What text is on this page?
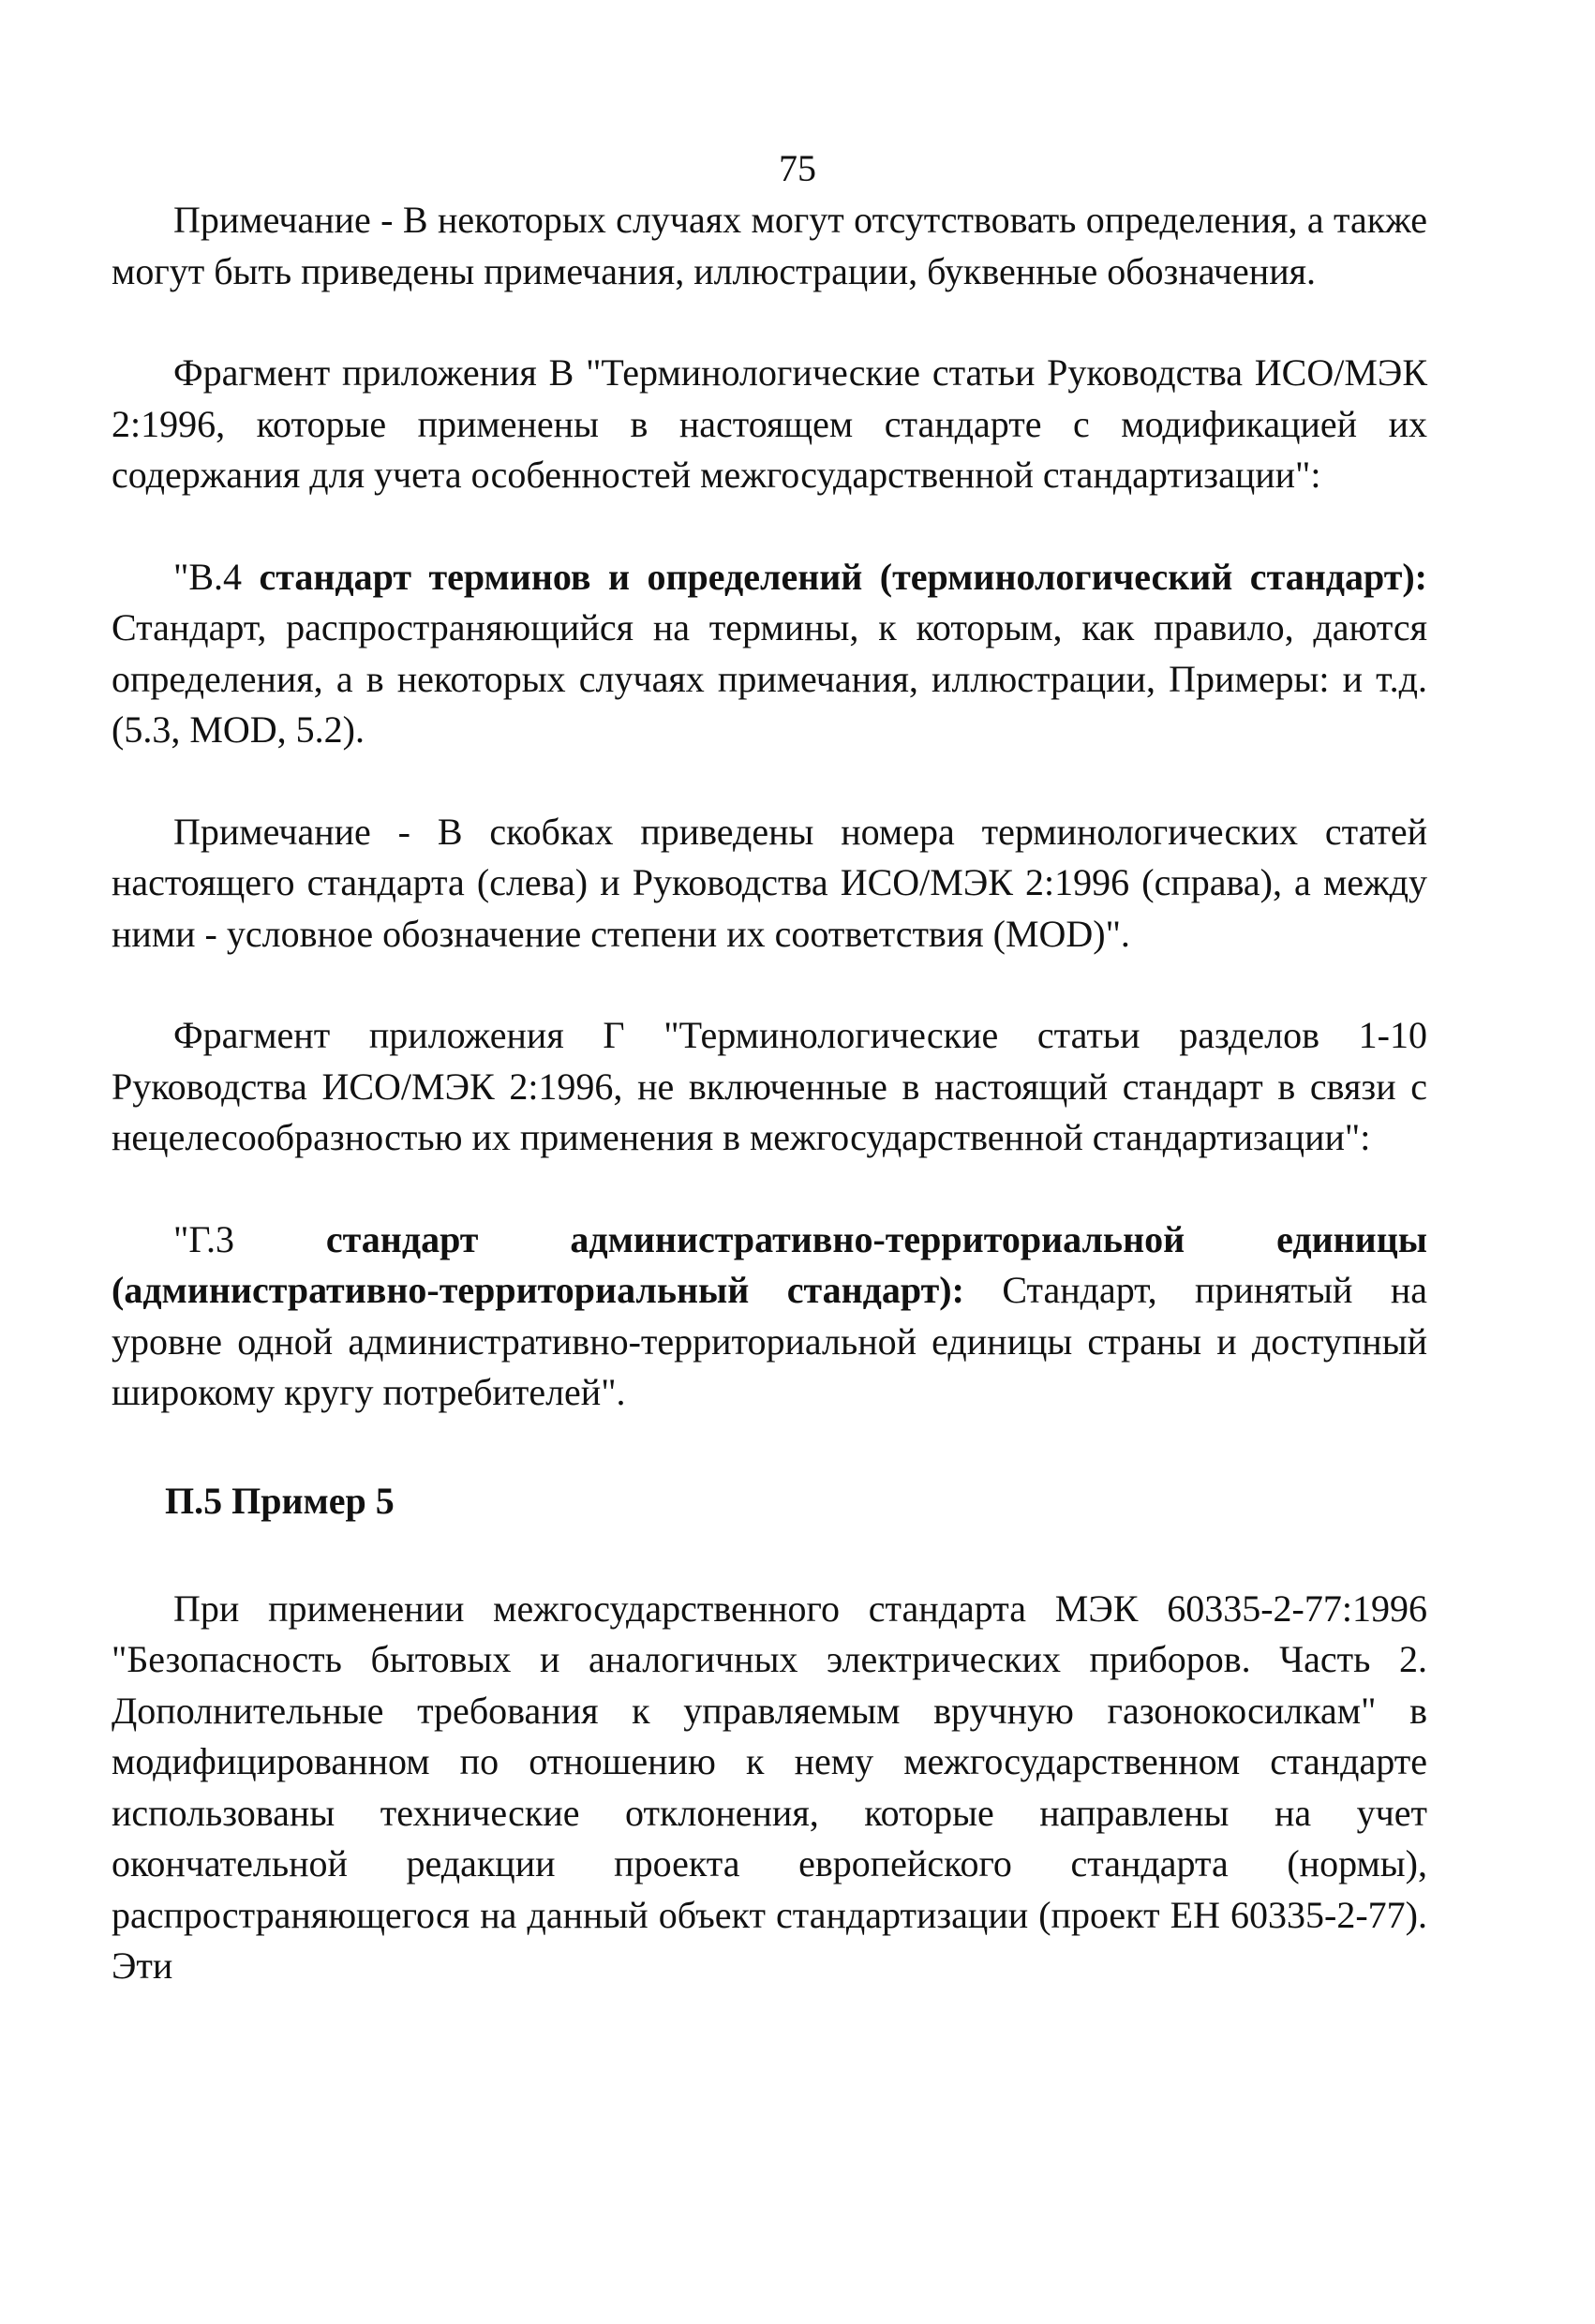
75

Примечание - В некоторых случаях могут отсутствовать определения, а также могут быть приведены примечания, иллюстрации, буквенные обозначения.

Фрагмент приложения В "Терминологические статьи Руководства ИСО/МЭК 2:1996, которые применены в настоящем стандарте с модификацией их содержания для учета особенностей межгосударственной стандартизации":

"В.4 стандарт терминов и определений (терминологический стандарт): Стандарт, распространяющийся на термины, к которым, как правило, даются определения, а в некоторых случаях примечания, иллюстрации, Примеры: и т.д. (5.3, MOD, 5.2).

Примечание - В скобках приведены номера терминологических статей настоящего стандарта (слева) и Руководства ИСО/МЭК 2:1996 (справа), а между ними - условное обозначение степени их соответствия (MOD)".

Фрагмент приложения Г "Терминологические статьи разделов 1-10 Руководства ИСО/МЭК 2:1996, не включенные в настоящий стандарт в связи с нецелесообразностью их применения в межгосударственной стандартизации":

"Г.3 стандарт административно-территориальной единицы (административно-территориальный стандарт): Стандарт, принятый на уровне одной административно-территориальной единицы страны и доступный широкому кругу потребителей".

П.5 Пример 5

При применении межгосударственного стандарта МЭК 60335-2-77:1996 "Безопасность бытовых и аналогичных электрических приборов. Часть 2. Дополнительные требования к управляемым вручную газонокосилкам" в модифицированном по отношению к нему межгосударственном стандарте использованы технические отклонения, которые направлены на учет окончательной редакции проекта европейского стандарта (нормы), распространяющегося на данный объект стандартизации (проект ЕН 60335-2-77). Эти
